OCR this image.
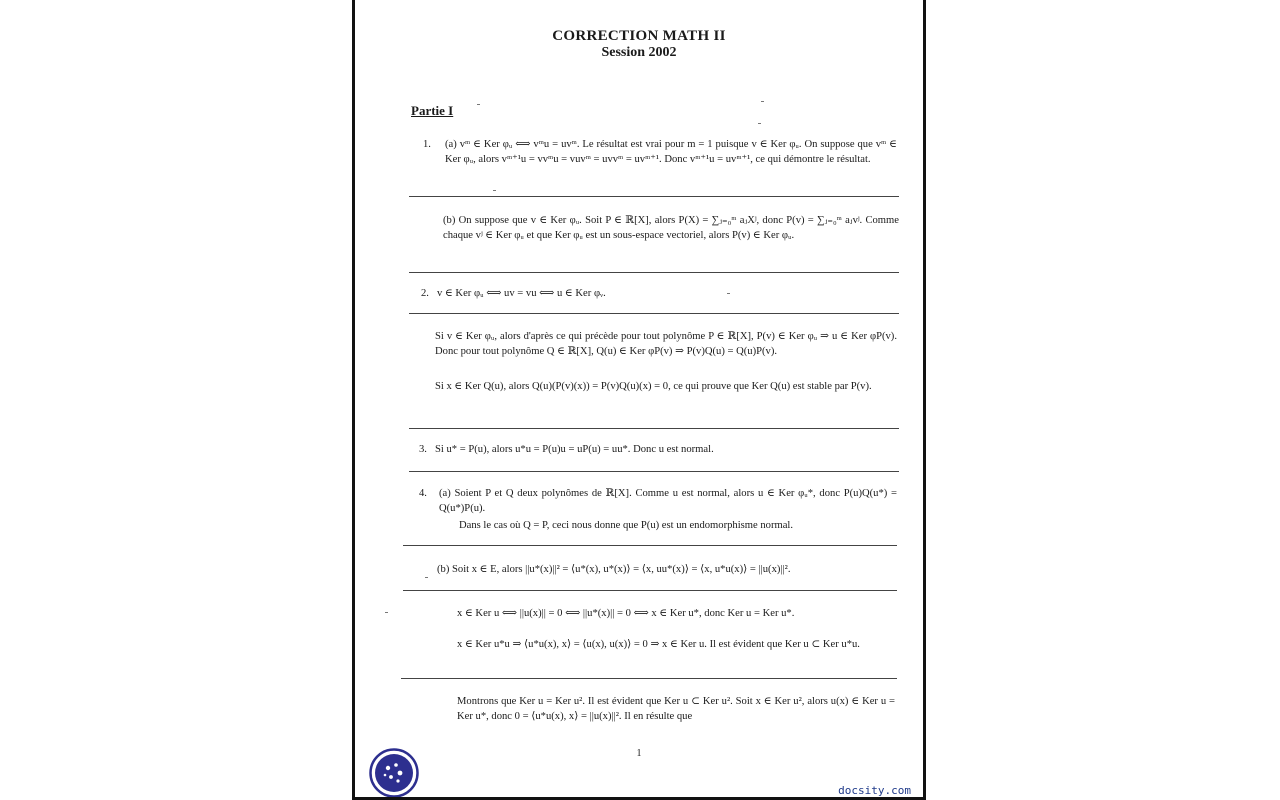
CORRECTION MATH II
Session 2002
Partie I
1. (a) vᵐ ∈ Ker φᵤ ⟺ vᵐu = uvᵐ. Le résultat est vrai pour m = 1 puisque v ∈ Ker φᵤ. On suppose que vᵐ ∈ Ker φᵤ, alors vᵐ⁺¹u = vvᵐu = vuvᵐ = uvvᵐ = uvᵐ⁺¹. Donc vᵐ⁺¹u = uvᵐ⁺¹, ce qui démontre le résultat.
(b) On suppose que v ∈ Ker φᵤ. Soit P ∈ ℝ[X], alors P(X) = ∑ⱼ₌₀ᵐ aⱼXʲ, donc P(v) = ∑ⱼ₌₀ᵐ aⱼvʲ. Comme chaque vʲ ∈ Ker φᵤ et que Ker φᵤ est un sous-espace vectoriel, alors P(v) ∈ Ker φᵤ.
2. v ∈ Ker φᵤ ⟺ uv = vu ⟺ u ∈ Ker φᵥ.
Si v ∈ Ker φᵤ, alors d'après ce qui précède pour tout polynôme P ∈ ℝ[X], P(v) ∈ Ker φᵤ ⇒ u ∈ Ker φP(v). Donc pour tout polynôme Q ∈ ℝ[X], Q(u) ∈ Ker φP(v) ⇒ P(v)Q(u) = Q(u)P(v).
Si x ∈ Ker Q(u), alors Q(u)(P(v)(x)) = P(v)Q(u)(x) = 0, ce qui prouve que Ker Q(u) est stable par P(v).
3. Si u* = P(u), alors u*u = P(u)u = uP(u) = uu*. Donc u est normal.
4. (a) Soient P et Q deux polynômes de ℝ[X]. Comme u est normal, alors u ∈ Ker φᵤ*, donc P(u)Q(u*) = Q(u*)P(u).
Dans le cas où Q = P, ceci nous donne que P(u) est un endomorphisme normal.
(b) Soit x ∈ E, alors ||u*(x)||² = ⟨u*(x), u*(x)⟩ = ⟨x, uu*(x)⟩ = ⟨x, u*u(x)⟩ = ||u(x)||².
x ∈ Ker u ⟺ ||u(x)|| = 0 ⟺ ||u*(x)|| = 0 ⟺ x ∈ Ker u*, donc Ker u = Ker u*.
x ∈ Ker u*u ⇒ ⟨u*u(x), x⟩ = ⟨u(x), u(x)⟩ = 0 ⇒ x ∈ Ker u. Il est évident que Ker u ⊂ Ker u*u.
Montrons que Ker u = Ker u². Il est évident que Ker u ⊂ Ker u². Soit x ∈ Ker u², alors u(x) ∈ Ker u = Ker u*, donc 0 = ⟨u*u(x), x⟩ = ||u(x)||². Il en résulte que
1
docsity.com
